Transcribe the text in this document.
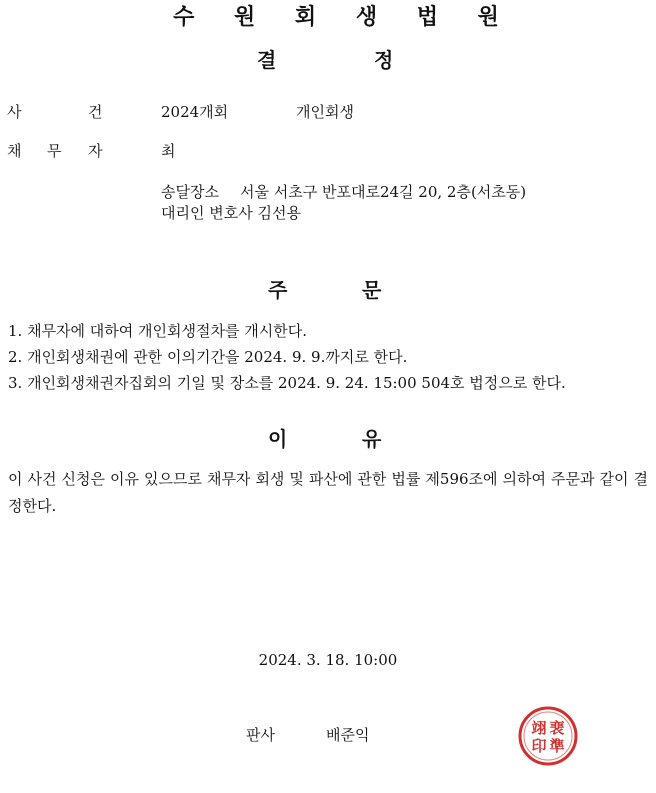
수 원 회 생 법 원
결	정
사	건	2024개회	개인회생
채 무 자	최
송달장소 서울 서초구 반포대로24길 20, 2층(서초동)
대리인 변호사 김선용
주	문
1. 채무자에 대하여 개인회생절차를 개시한다.
2. 개인회생채권에 관한 이의기간을 2024. 9. 9.까지로 한다.
3. 개인회생채권자집회의 기일 및 장소를 2024. 9. 24. 15:00 504호 법정으로 한다.
이	유
이 사건 신청은 이유 있으므로 채무자 회생 및 파산에 관한 법률 제596조에 의하여 주문과 같이 결정한다.
2024. 3. 18. 10:00
판사	배준익	裵
準
翊
印
